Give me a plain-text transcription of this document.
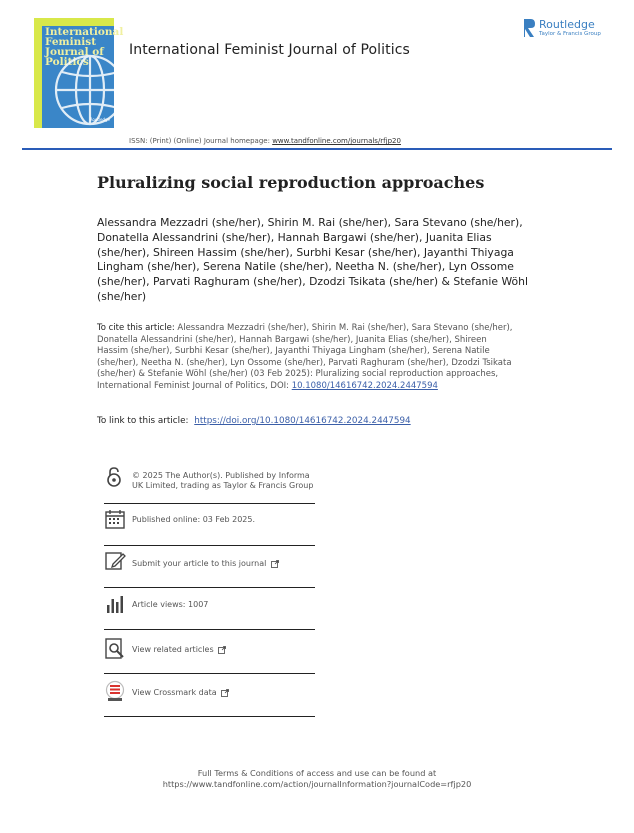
International Feminist Journal of Politics
Routledge
International Feminist Journal of Politics
Routledge
Taylor & Francis Group
ISSN: (Print) (Online) Journal homepage: www.tandfonline.com/journals/rfjp20
Pluralizing social reproduction approaches
Alessandra Mezzadri (she/her), Shirin M. Rai (she/her), Sara Stevano (she/her), Donatella Alessandrini (she/her), Hannah Bargawi (she/her), Juanita Elias (she/her), Shireen Hassim (she/her), Surbhi Kesar (she/her), Jayanthi Thiyaga Lingham (she/her), Serena Natile (she/her), Neetha N. (she/her), Lyn Ossome (she/her), Parvati Raghuram (she/her), Dzodzi Tsikata (she/her) & Stefanie Wöhl (she/her)
To cite this article: Alessandra Mezzadri (she/her), Shirin M. Rai (she/her), Sara Stevano (she/her), Donatella Alessandrini (she/her), Hannah Bargawi (she/her), Juanita Elias (she/her), Shireen Hassim (she/her), Surbhi Kesar (she/her), Jayanthi Thiyaga Lingham (she/her), Serena Natile (she/her), Neetha N. (she/her), Lyn Ossome (she/her), Parvati Raghuram (she/her), Dzodzi Tsikata (she/her) & Stefanie Wöhl (she/her) (03 Feb 2025): Pluralizing social reproduction approaches, International Feminist Journal of Politics, DOI: 10.1080/14616742.2024.2447594
To link to this article: https://doi.org/10.1080/14616742.2024.2447594
© 2025 The Author(s). Published by Informa UK Limited, trading as Taylor & Francis Group
Published online: 03 Feb 2025.
Submit your article to this journal
Article views: 1007
View related articles
View Crossmark data
Full Terms & Conditions of access and use can be found at
https://www.tandfonline.com/action/journalInformation?journalCode=rfjp20
